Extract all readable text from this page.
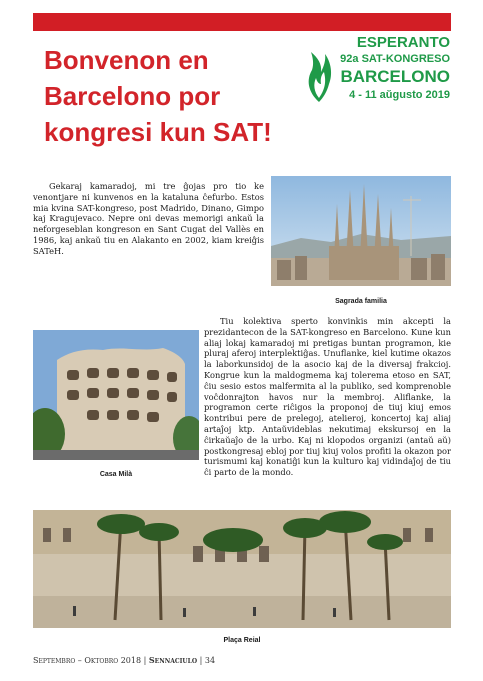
Bonvenon en Barcelono por kongresi kun SAT!
ESPERANTO
92a SAT-KONGRESO
BARCELONO
4 - 11 aŭgusto 2019

Gekaraj kamaradoj, mi tre ĝojas pro tio ke venontjare ni kunvenos en la kataluna ĉefurbo. Estos mia kvina SAT-kongreso, post Madrido, Dinano, Gimpo kaj Kragujevaco. Nepre oni devas memorigi ankaŭ la neforgeseblan kongreson en Sant Cugat del Vallès en 1986, kaj ankaŭ tiu en Alakanto en 2002, kiam kreiĝis SATeH.

Sagrada familia

Casa Milà

Tiu kolektiva sperto konvinkis min akcepti la prezidantecon de la SAT-kongreso en Barcelono. Kune kun aliaj lokaj kamaradoj mi pretigas buntan programon, kie pluraj aferoj interplektiĝas. Unuflanke, kiel kutime okazos la laborkunsidoj de la asocio kaj de la diversaj frakcioj. Kongrue kun la maldogmema kaj tolerema etoso en SAT, ĉiu sesio estos malfermita al la publiko, sed komprenoble voĉdonrajton havos nur la membroj. Aliflanke, la programon certe riĉigos la proponoj de tiuj kiuj emos kontribui pere de prelegoj, atelieroj, koncertoj kaj aliaj artaĵoj ktp. Antaŭvideblas nekutimaj ekskursoj en la ĉirkaŭaĵo de la urbo. Kaj ni klopodos organizi (antaŭ aŭ) postkongresaj ebloj por tiuj kiuj volos profiti la okazon por turismumi kaj konatiĝi kun la kulturo kaj vidindaĵoj de tiu ĉi parto de la mondo.

Plaça Reial

Septembro – Oktobro 2018 | Sennaciulo | 34
